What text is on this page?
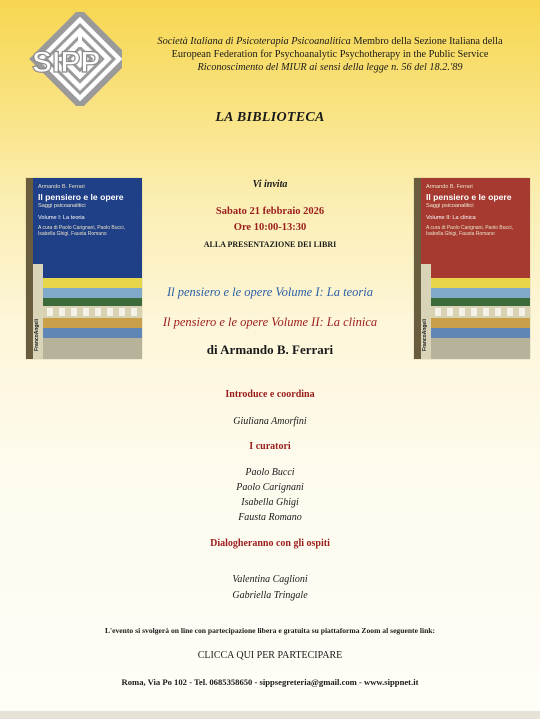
SIPP
Società Italiana di Psicoterapia Psicoanalitica Membro della Sezione Italiana della
European Federation for Psychoanalytic Psychotherapy in the Public Service
Riconoscimento del MIUR ai sensi della legge n. 56 del 18.2.'89
LA BIBLIOTECA
Armando B. Ferrari
Il pensiero e le opere
Saggi psicoanalitici
Volume I: La teoria
A cura di Paolo Carignani, Paolo Bucci, Isabella Ghigi, Fausta Romano
FrancoAngeli
Armando B. Ferrari
Il pensiero e le opere
Saggi psicoanalitici
Volume II: La clinica
A cura di Paolo Carignani, Paolo Bucci, Isabella Ghigi, Fausta Romano
FrancoAngeli
Vi invita
Sabato 21 febbraio 2026
Ore 10:00-13:30
ALLA PRESENTAZIONE DEI LIBRI
Il pensiero e le opere Volume I: La teoria
Il pensiero e le opere Volume II: La clinica
di Armando B. Ferrari
Introduce e coordina
Giuliana Amorfini
I curatori
Paolo Bucci
Paolo Carignani
Isabella Ghigi
Fausta Romano
Dialogheranno con gli ospiti
Valentina Caglioni
Gabriella Tringale
L'evento si svolgerà on line con partecipazione libera e gratuita su piattaforma Zoom al seguente link:
CLICCA QUI PER PARTECIPARE
Roma, Via Po 102 - Tel. 0685358650 - sippsegreteria@gmail.com - www.sippnet.it
